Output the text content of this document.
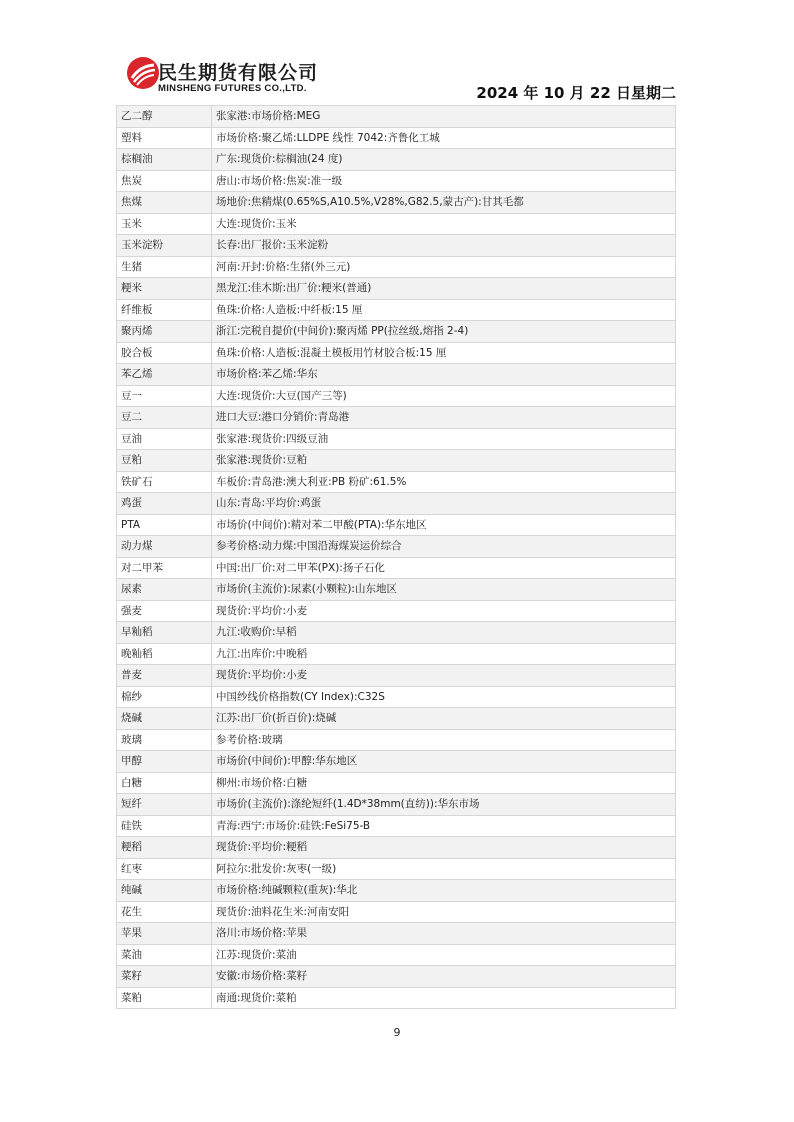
民生期货有限公司
MINSHENG FUTURES CO.,LTD.	2024 年 10 月 22 日星期二
乙二醇	张家港:市场价格:MEG
塑料	市场价格:聚乙烯:LLDPE 线性 7042:齐鲁化工城
棕榈油	广东:现货价:棕榈油(24 度)
焦炭	唐山:市场价格:焦炭:准一级
焦煤	场地价:焦精煤(0.65%S,A10.5%,V28%,G82.5,蒙古产):甘其毛都
玉米	大连:现货价:玉米
玉米淀粉	长春:出厂报价:玉米淀粉
生猪	河南:开封:价格:生猪(外三元)
粳米	黑龙江:佳木斯:出厂价:粳米(普通)
纤维板	鱼珠:价格:人造板:中纤板:15 厘
聚丙烯	浙江:完税自提价(中间价):聚丙烯 PP(拉丝级,熔指 2-4)
胶合板	鱼珠:价格:人造板:混凝土模板用竹材胶合板:15 厘
苯乙烯	市场价格:苯乙烯:华东
豆一	大连:现货价:大豆(国产三等)
豆二	进口大豆:港口分销价:青岛港
豆油	张家港:现货价:四级豆油
豆粕	张家港:现货价:豆粕
铁矿石	车板价:青岛港:澳大利亚:PB 粉矿:61.5%
鸡蛋	山东:青岛:平均价:鸡蛋
PTA	市场价(中间价):精对苯二甲酸(PTA):华东地区
动力煤	参考价格:动力煤:中国沿海煤炭运价综合
对二甲苯	中国:出厂价:对二甲苯(PX):扬子石化
尿素	市场价(主流价):尿素(小颗粒):山东地区
强麦	现货价:平均价:小麦
早籼稻	九江:收购价:早稻
晚籼稻	九江:出库价:中晚稻
普麦	现货价:平均价:小麦
棉纱	中国纱线价格指数(CY Index):C32S
烧碱	江苏:出厂价(折百价):烧碱
玻璃	参考价格:玻璃
甲醇	市场价(中间价):甲醇:华东地区
白糖	柳州:市场价格:白糖
短纤	市场价(主流价):涤纶短纤(1.4D*38mm(直纺)):华东市场
硅铁	青海:西宁:市场价:硅铁:FeSi75-B
粳稻	现货价:平均价:粳稻
红枣	阿拉尔:批发价:灰枣(一级)
纯碱	市场价格:纯碱颗粒(重灰):华北
花生	现货价:油料花生米:河南安阳
苹果	洛川:市场价格:苹果
菜油	江苏:现货价:菜油
菜籽	安徽:市场价格:菜籽
菜粕	南通:现货价:菜粕
9
